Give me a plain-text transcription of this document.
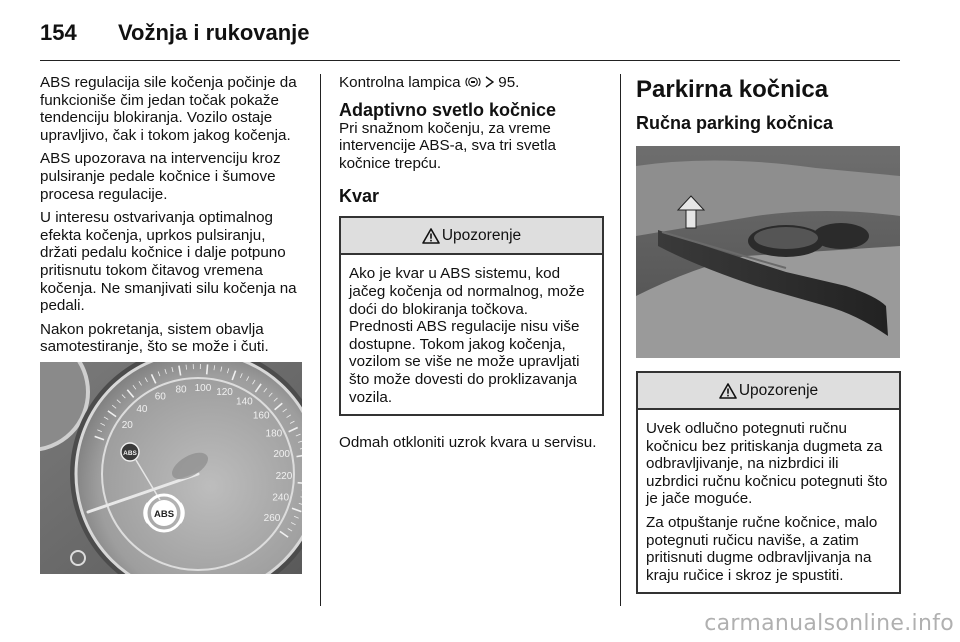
154 Vožnja i rukovanje

ABS regulacija sile kočenja počinje da funkcioniše čim jedan točak pokaže tendenciju blokiranja. Vozilo ostaje upravljivo, čak i tokom jakog kočenja.

ABS upozorava na intervenciju kroz pulsiranje pedale kočnice i šumove procesa regulacije.

U interesu ostvarivanja optimalnog efekta kočenja, uprkos pulsiranju, držati pedalu kočnice i dalje potpuno pritisnutu tokom čitavog vremena kočenja. Ne smanjivati silu kočenja na pedali.

Nakon pokretanja, sistem obavlja samotestiranje, što se može i čuti.

20
40
60
80 100 120
140
160
180
200
220
240
260
ABS
ABS

Kontrolna lampica 95.

Adaptivno svetlo kočnice

Pri snažnom kočenju, za vreme intervencije ABS-a, sva tri svetla kočnice trepću.

Kvar
Upozorenje

Ako je kvar u ABS sistemu, kod jačeg kočenja od normalnog, može doći do blokiranja točkova. Prednosti ABS regulacije nisu više dostupne. Tokom jakog kočenja, vozilom se više ne može upravljati što može dovesti do proklizavanja vozila.

Odmah otkloniti uzrok kvara u servisu.

Parkirna kočnica
Ručna parking kočnica
Upozorenje

Uvek odlučno potegnuti ručnu kočnicu bez pritiskanja dugmeta za odbravljivanje, na nizbrdici ili uzbrdici ručnu kočnicu potegnuti što je jače moguće.

Za otpuštanje ručne kočnice, malo potegnuti ručicu naviše, a zatim pritisnuti dugme odbravljivanja na kraju ručice i skroz je spustiti.

carmanualsonline.info
